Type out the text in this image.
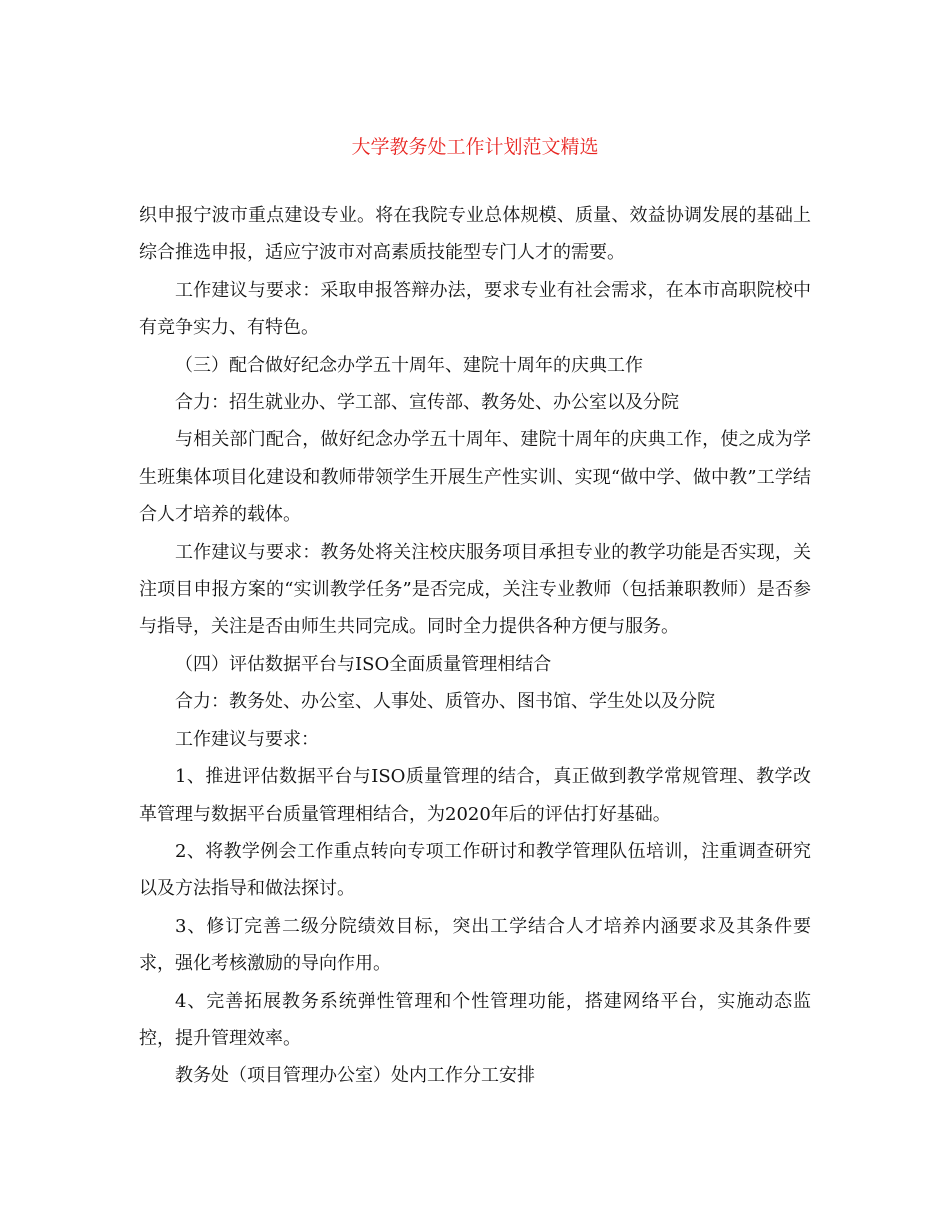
大学教务处工作计划范文精选

织申报宁波市重点建设专业。将在我院专业总体规模、质量、效益协调发展的基础上综合推选申报，适应宁波市对高素质技能型专门人才的需要。

工作建议与要求：采取申报答辩办法，要求专业有社会需求，在本市高职院校中有竞争实力、有特色。

（三）配合做好纪念办学五十周年、建院十周年的庆典工作

合力：招生就业办、学工部、宣传部、教务处、办公室以及分院

与相关部门配合，做好纪念办学五十周年、建院十周年的庆典工作，使之成为学生班集体项目化建设和教师带领学生开展生产性实训、实现“做中学、做中教”工学结合人才培养的载体。

工作建议与要求：教务处将关注校庆服务项目承担专业的教学功能是否实现，关注项目申报方案的“实训教学任务”是否完成，关注专业教师（包括兼职教师）是否参与指导，关注是否由师生共同完成。同时全力提供各种方便与服务。

（四）评估数据平台与ISO全面质量管理相结合

合力：教务处、办公室、人事处、质管办、图书馆、学生处以及分院

工作建议与要求：

1、推进评估数据平台与ISO质量管理的结合，真正做到教学常规管理、教学改革管理与数据平台质量管理相结合，为2020年后的评估打好基础。

2、将教学例会工作重点转向专项工作研讨和教学管理队伍培训，注重调查研究以及方法指导和做法探讨。

3、修订完善二级分院绩效目标，突出工学结合人才培养内涵要求及其条件要求，强化考核激励的导向作用。

4、完善拓展教务系统弹性管理和个性管理功能，搭建网络平台，实施动态监控，提升管理效率。

教务处（项目管理办公室）处内工作分工安排
